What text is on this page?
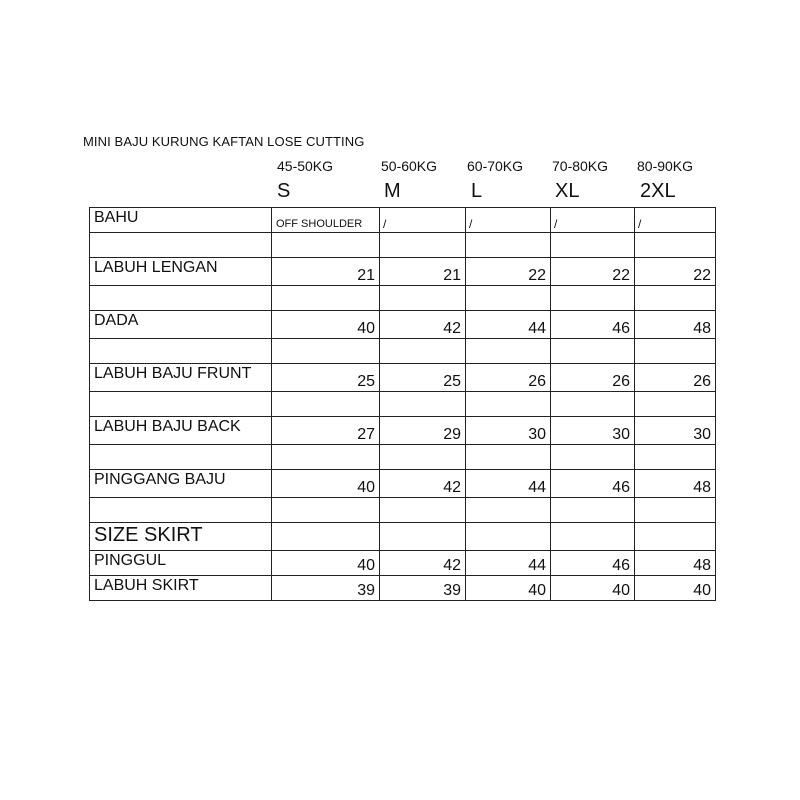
MINI BAJU KURUNG KAFTAN LOSE CUTTING
45-50KG	50-60KG 60-70KG 70-80KG 80-90KG
S	M	L	XL	2XL
BAHU	OFF SHOULDER	/	/	/	/

LABUH LENGAN	21	21	22	22	22

DADA	40	42	44	46	48

LABUH BAJU FRUNT	25	25	26	26	26

LABUH BAJU BACK	27	29	30	30	30

PINGGANG BAJU	40	42	44	46	48

SIZE SKIRT					
PINGGUL	40	42	44	46	48
LABUH SKIRT	39	39	40	40	40
